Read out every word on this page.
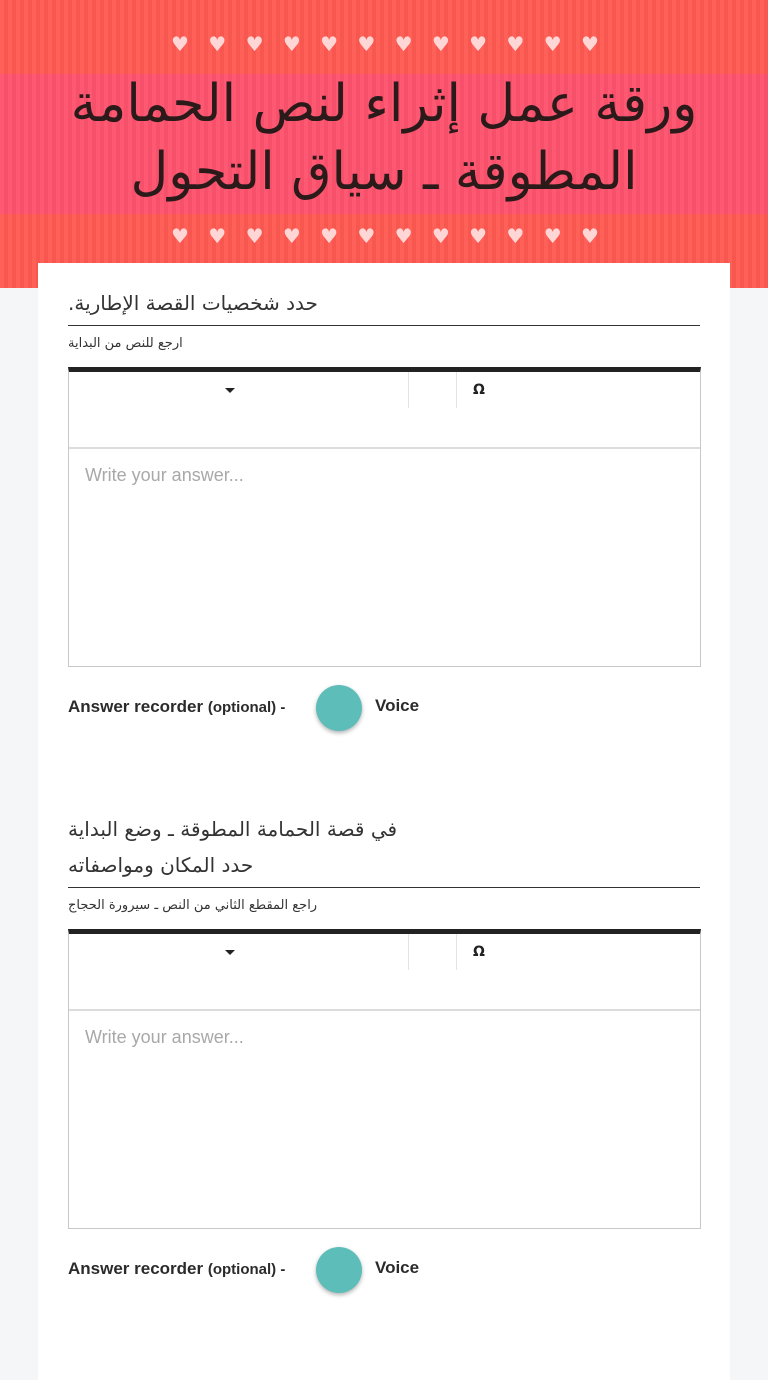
♥ ♥ ♥ ♥ ♥ ♥ ♥ ♥ ♥ ♥ ♥ ♥
♥ ♥ ♥ ♥ ♥ ♥ ♥ ♥ ♥ ♥ ♥ ♥
ورقة عمل إثراء لنص الحمامة
المطوقة ـ سياق التحول
حدد شخصيات القصة الإطارية.
ارجع للنص من البداية
Ω
Write your answer...
Answer recorder (optional) -	Voice
في قصة الحمامة المطوقة ـ وضع البداية
حدد المكان ومواصفاته
راجع المقطع الثاني من النص ـ سيرورة الحجاج
Ω
Write your answer...
Answer recorder (optional) -	Voice
